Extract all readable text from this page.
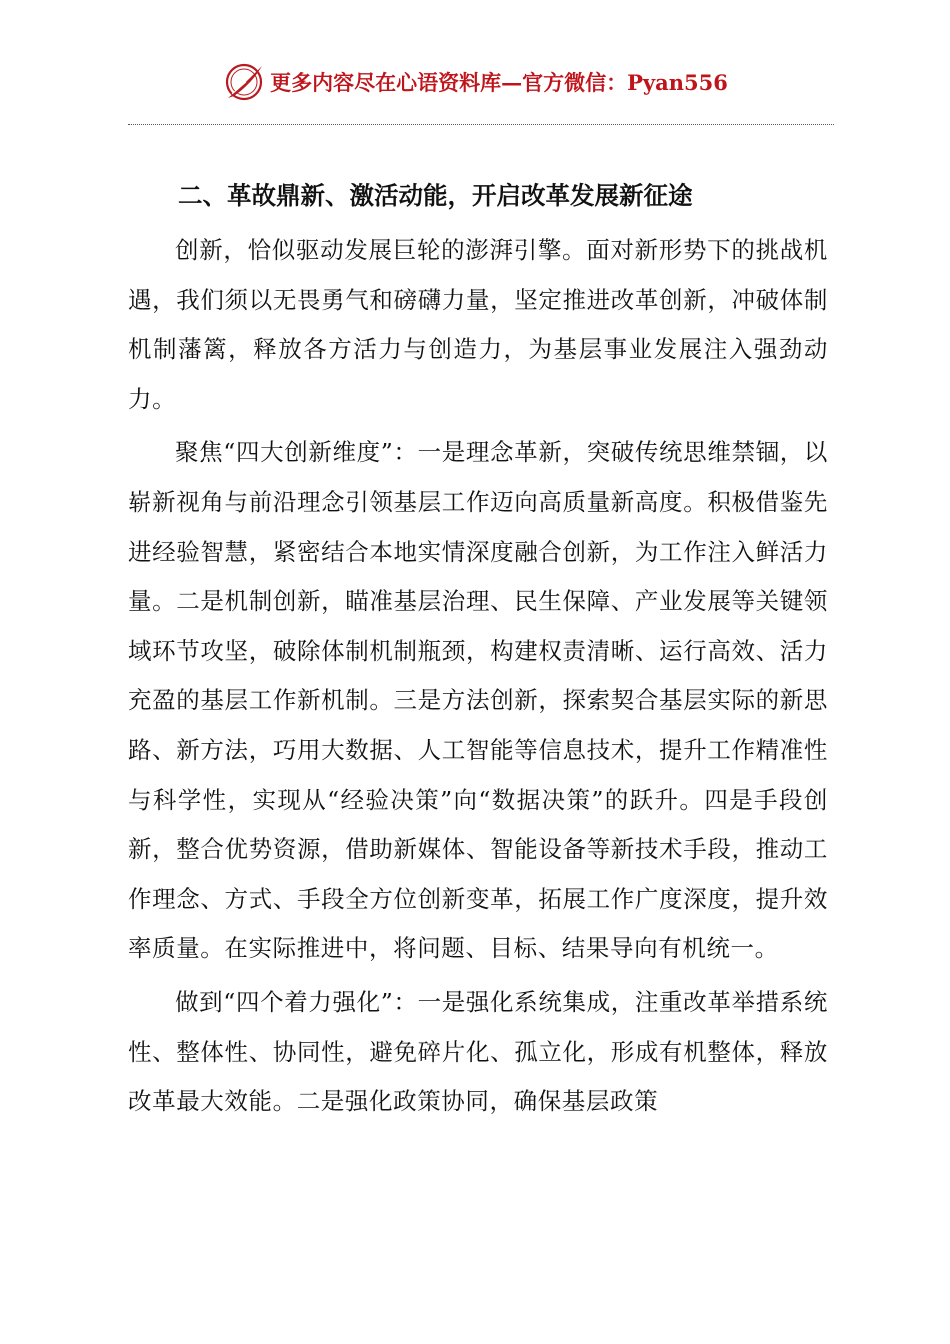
更多内容尽在心语资料库—官方微信：Pyan556
二、革故鼎新、激活动能，开启改革发展新征途

创新，恰似驱动发展巨轮的澎湃引擎。面对新形势下的挑战机遇，我们须以无畏勇气和磅礴力量，坚定推进改革创新，冲破体制机制藩篱，释放各方活力与创造力，为基层事业发展注入强劲动力。

聚焦“四大创新维度”：一是理念革新，突破传统思维禁锢，以崭新视角与前沿理念引领基层工作迈向高质量新高度。积极借鉴先进经验智慧，紧密结合本地实情深度融合创新，为工作注入鲜活力量。二是机制创新，瞄准基层治理、民生保障、产业发展等关键领域环节攻坚，破除体制机制瓶颈，构建权责清晰、运行高效、活力充盈的基层工作新机制。三是方法创新，探索契合基层实际的新思路、新方法，巧用大数据、人工智能等信息技术，提升工作精准性与科学性，实现从“经验决策”向“数据决策”的跃升。四是手段创新，整合优势资源，借助新媒体、智能设备等新技术手段，推动工作理念、方式、手段全方位创新变革，拓展工作广度深度，提升效率质量。在实际推进中，将问题、目标、结果导向有机统一。

做到“四个着力强化”：一是强化系统集成，注重改革举措系统性、整体性、协同性，避免碎片化、孤立化，形成有机整体，释放改革最大效能。二是强化政策协同，确保基层政策
